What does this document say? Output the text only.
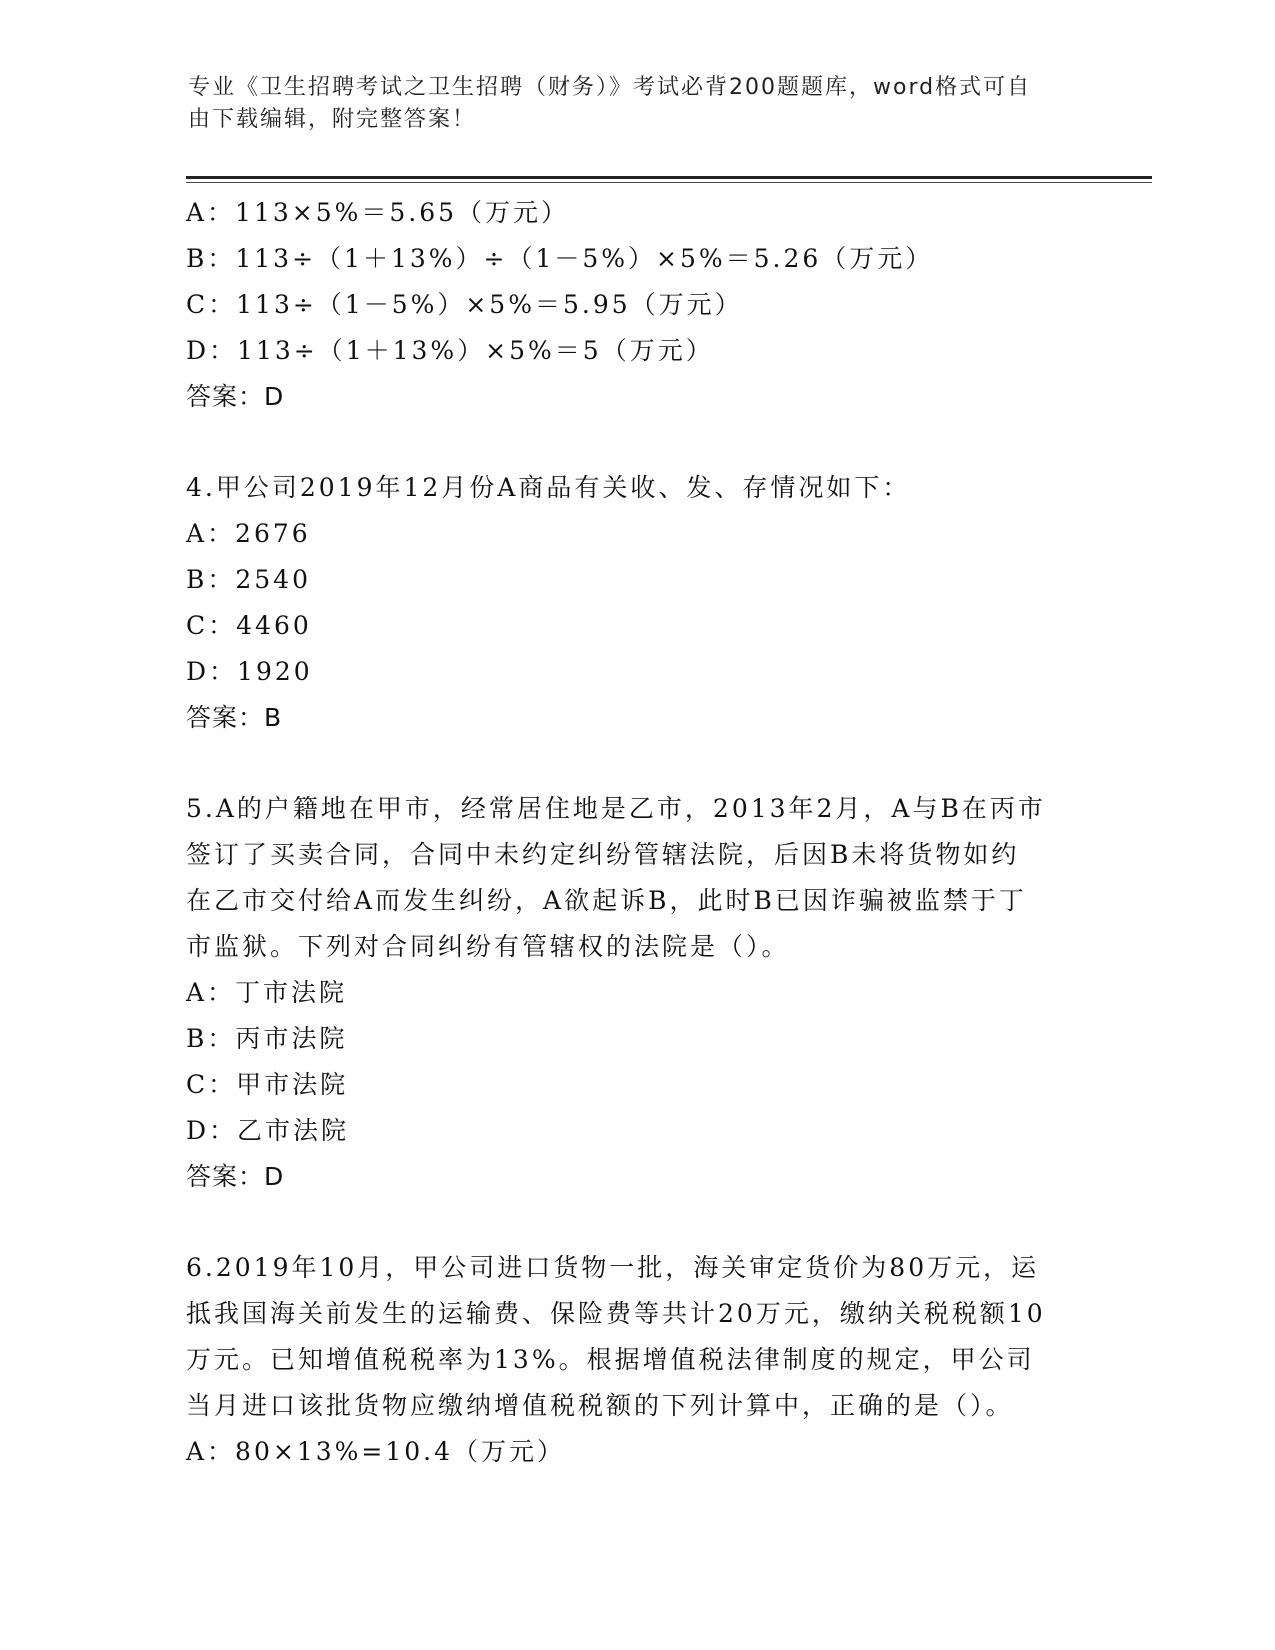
专业《卫生招聘考试之卫生招聘（财务）》考试必背200题题库，word格式可自
由下载编辑，附完整答案！
A：113×5%＝5.65（万元）
B：113÷（1＋13%）÷（1－5%）×5%＝5.26（万元）
C：113÷（1－5%）×5%＝5.95（万元）
D：113÷（1＋13%）×5%＝5（万元）
答案：D
4.甲公司2019年12月份A商品有关收、发、存情况如下：
A：2676
B：2540
C：4460
D：1920
答案：B
5.A的户籍地在甲市，经常居住地是乙市，2013年2月，A与B在丙市
签订了买卖合同，合同中未约定纠纷管辖法院，后因B未将货物如约
在乙市交付给A而发生纠纷，A欲起诉B，此时B已因诈骗被监禁于丁
市监狱。下列对合同纠纷有管辖权的法院是（）。
A：丁市法院
B：丙市法院
C：甲市法院
D：乙市法院
答案：D
6.2019年10月，甲公司进口货物一批，海关审定货价为80万元，运
抵我国海关前发生的运输费、保险费等共计20万元，缴纳关税税额10
万元。已知增值税税率为13%。根据增值税法律制度的规定，甲公司
当月进口该批货物应缴纳增值税税额的下列计算中，正确的是（）。
A：80×13%=10.4（万元）
